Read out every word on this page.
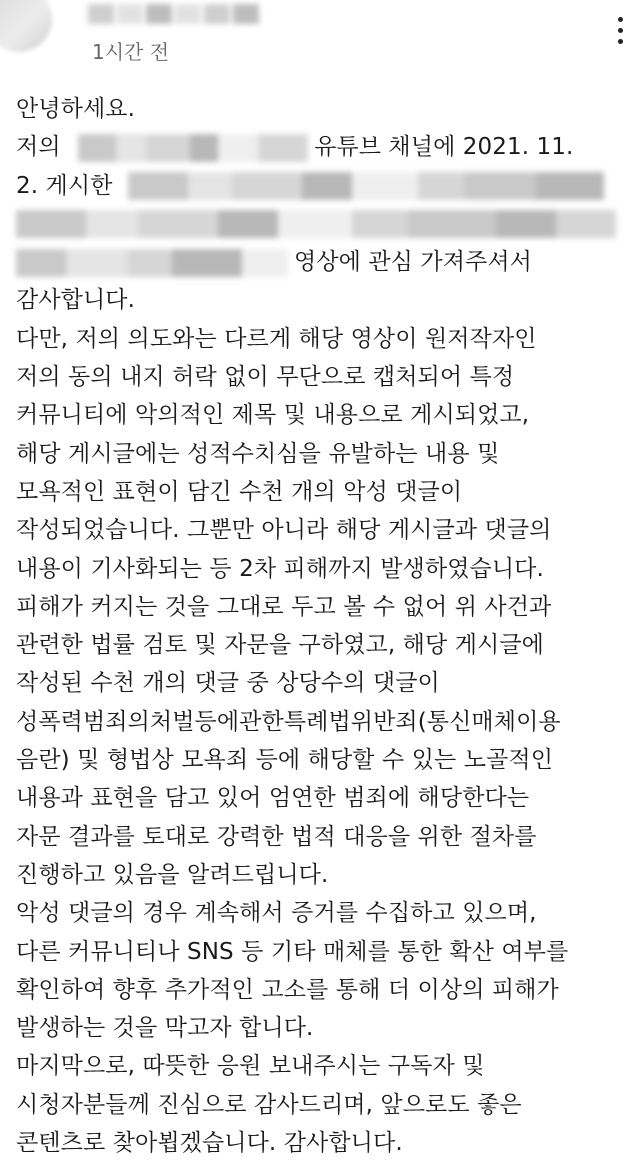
1시간 전
안녕하세요.
저의	유튜브 채널에 2021. 11.
2. 게시한
영상에 관심 가져주셔서
감사합니다.
다만, 저의 의도와는 다르게 해당 영상이 원저작자인
저의 동의 내지 허락 없이 무단으로 캡처되어 특정
커뮤니티에 악의적인 제목 및 내용으로 게시되었고,
해당 게시글에는 성적수치심을 유발하는 내용 및
모욕적인 표현이 담긴 수천 개의 악성 댓글이
작성되었습니다. 그뿐만 아니라 해당 게시글과 댓글의
내용이 기사화되는 등 2차 피해까지 발생하였습니다.
피해가 커지는 것을 그대로 두고 볼 수 없어 위 사건과
관련한 법률 검토 및 자문을 구하였고, 해당 게시글에
작성된 수천 개의 댓글 중 상당수의 댓글이
성폭력범죄의처벌등에관한특례법위반죄(통신매체이용
음란) 및 형법상 모욕죄 등에 해당할 수 있는 노골적인
내용과 표현을 담고 있어 엄연한 범죄에 해당한다는
자문 결과를 토대로 강력한 법적 대응을 위한 절차를
진행하고 있음을 알려드립니다.
악성 댓글의 경우 계속해서 증거를 수집하고 있으며,
다른 커뮤니티나 SNS 등 기타 매체를 통한 확산 여부를
확인하여 향후 추가적인 고소를 통해 더 이상의 피해가
발생하는 것을 막고자 합니다.
마지막으로, 따뜻한 응원 보내주시는 구독자 및
시청자분들께 진심으로 감사드리며, 앞으로도 좋은
콘텐츠로 찾아뵙겠습니다. 감사합니다.
